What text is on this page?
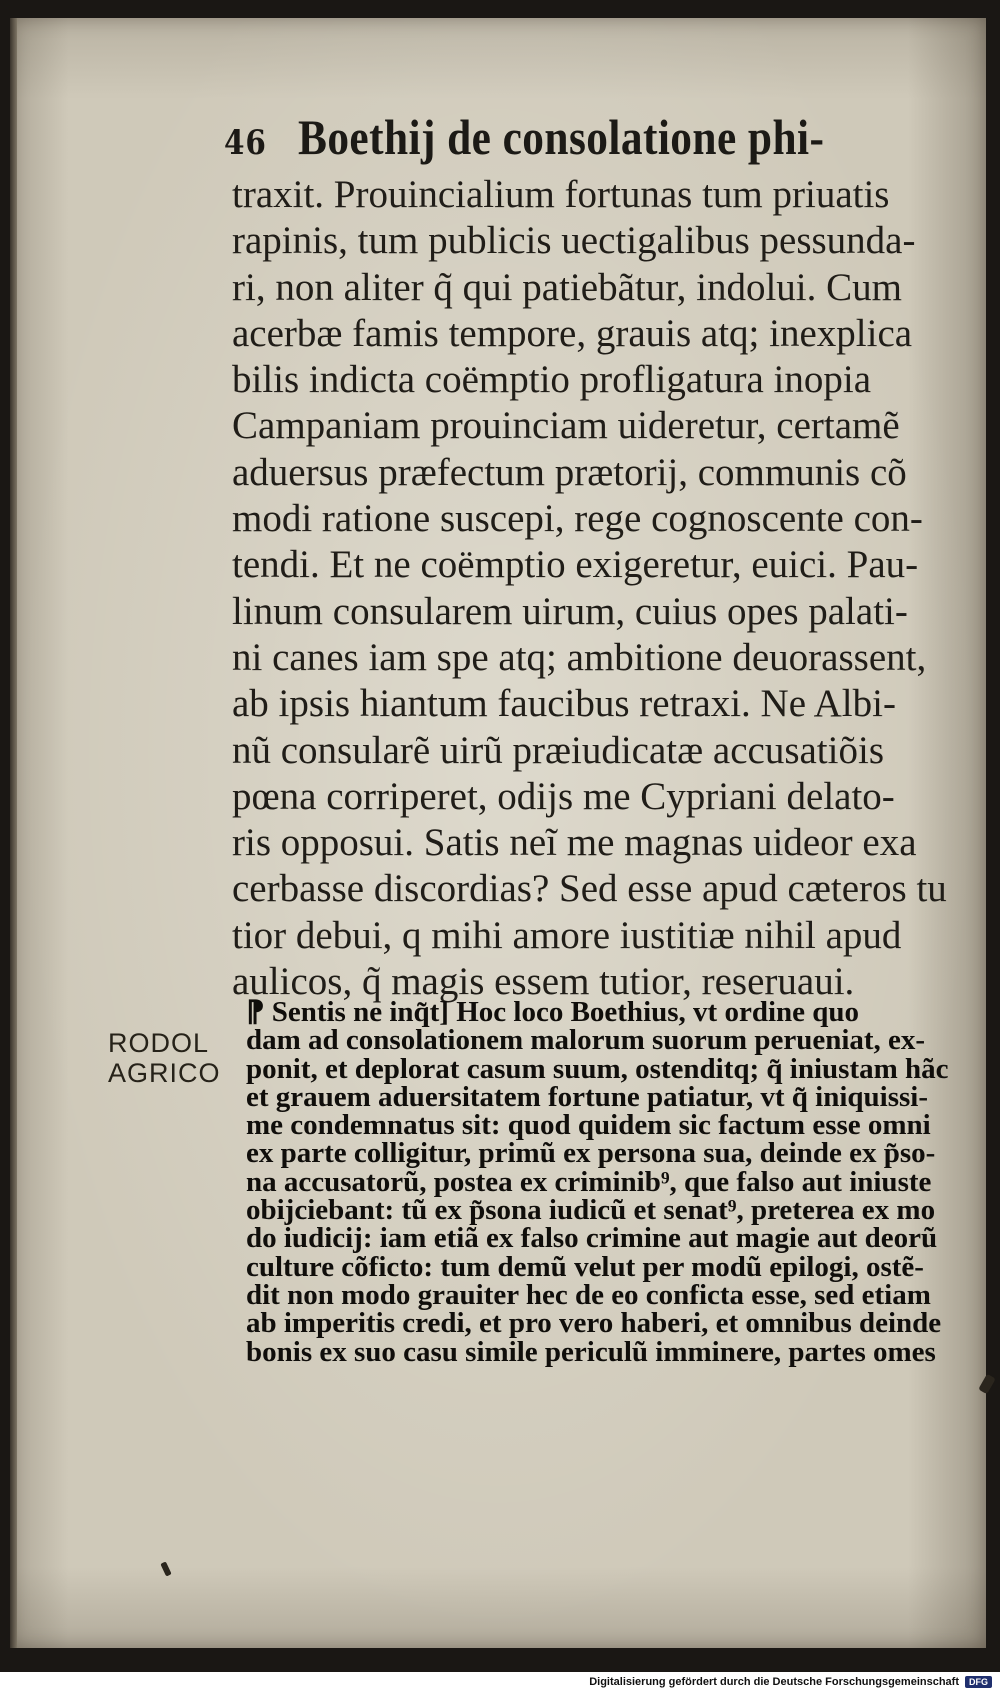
46 Boethij de consolatione phi-
traxit. Prouincialium fortunas tum priuatis
rapinis, tum publicis uectigalibus pessunda-
ri, non aliter q̃ qui patiebãtur, indolui. Cum
acerbæ famis tempore, grauis atq; inexplica
bilis indicta coëmptio profligatura inopia
Campaniam prouinciam uideretur, certamẽ
aduersus præfectum prætorij, communis cõ
modi ratione suscepi, rege cognoscente con-
tendi. Et ne coëmptio exigeretur, euici. Pau-
linum consularem uirum, cuius opes palati-
ni canes iam spe atq; ambitione deuorassent,
ab ipsis hiantum faucibus retraxi. Ne Albi-
nũ consularẽ uirũ præiudicatæ accusatiõis
pœna corriperet, odijs me Cypriani delato-
ris opposui. Satis neĩ me magnas uideor exa
cerbasse discordias? Sed esse apud cæteros tu
tior debui, q mihi amore iustitiæ nihil apud
aulicos, q̃ magis essem tutior, reseruaui.
RODOL
AGRICO
⁋ Sentis ne inq̃t] Hoc loco Boethius, vt ordine quo
dam ad consolationem malorum suorum perueniat, ex-
ponit, et deplorat casum suum, ostenditq; q̃ iniustam hãc
et grauem aduersitatem fortune patiatur, vt q̃ iniquissi-
me condemnatus sit: quod quidem sic factum esse omni
ex parte colligitur, primũ ex persona sua, deinde ex p̃so-
na accusatorũ, postea ex criminib⁹, que falso aut iniuste
obijciebant: tũ ex p̃sona iudicũ et senat⁹, preterea ex mo
do iudicij: iam etiã ex falso crimine aut magie aut deorũ
culture cõficto: tum demũ velut per modũ epilogi, ostẽ-
dit non modo grauiter hec de eo conficta esse, sed etiam
ab imperitis credi, et pro vero haberi, et omnibus deinde
bonis ex suo casu simile periculũ imminere, partes omes
Digitalisierung gefördert durch die Deutsche Forschungsgemeinschaft	DFG
